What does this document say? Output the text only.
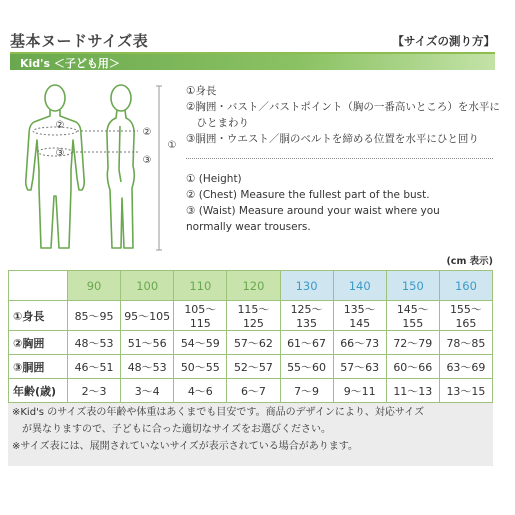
基本ヌードサイズ表	【サイズの測り方】
Kid's ＜子ども用＞
②
③
②
③
①
①身長
②胸囲・バスト／バストポイント（胸の一番高いところ）を水平に
　ひとまわり
③胴囲・ウエスト／胴のベルトを締める位置を水平にひと回り
① (Height)
② (Chest) Measure the fullest part of the bust.
③ (Waist) Measure around your waist where you
normally wear trousers.
(cm 表示)
	90	100	110	120	130	140	150	160
①身長	85～95	95～105	105～115	115～125	125～135	135～145	145～155	155～165
②胸囲	48～53	51～56	54～59	57～62	61～67	66～73	72～79	78～85
③胴囲	46～51	48～53	50～55	52～57	55～60	57～63	60～66	63～69
年齢(歳)	2～3	3～4	4～6	6～7	7～9	9～11	11～13	13～15
※Kid's のサイズ表の年齢や体重はあくまでも目安です。商品のデザインにより、対応サイズ
が異なりますので、子どもに合った適切なサイズをお選びください。
※サイズ表には、展開されていないサイズが表示されている場合があります。
